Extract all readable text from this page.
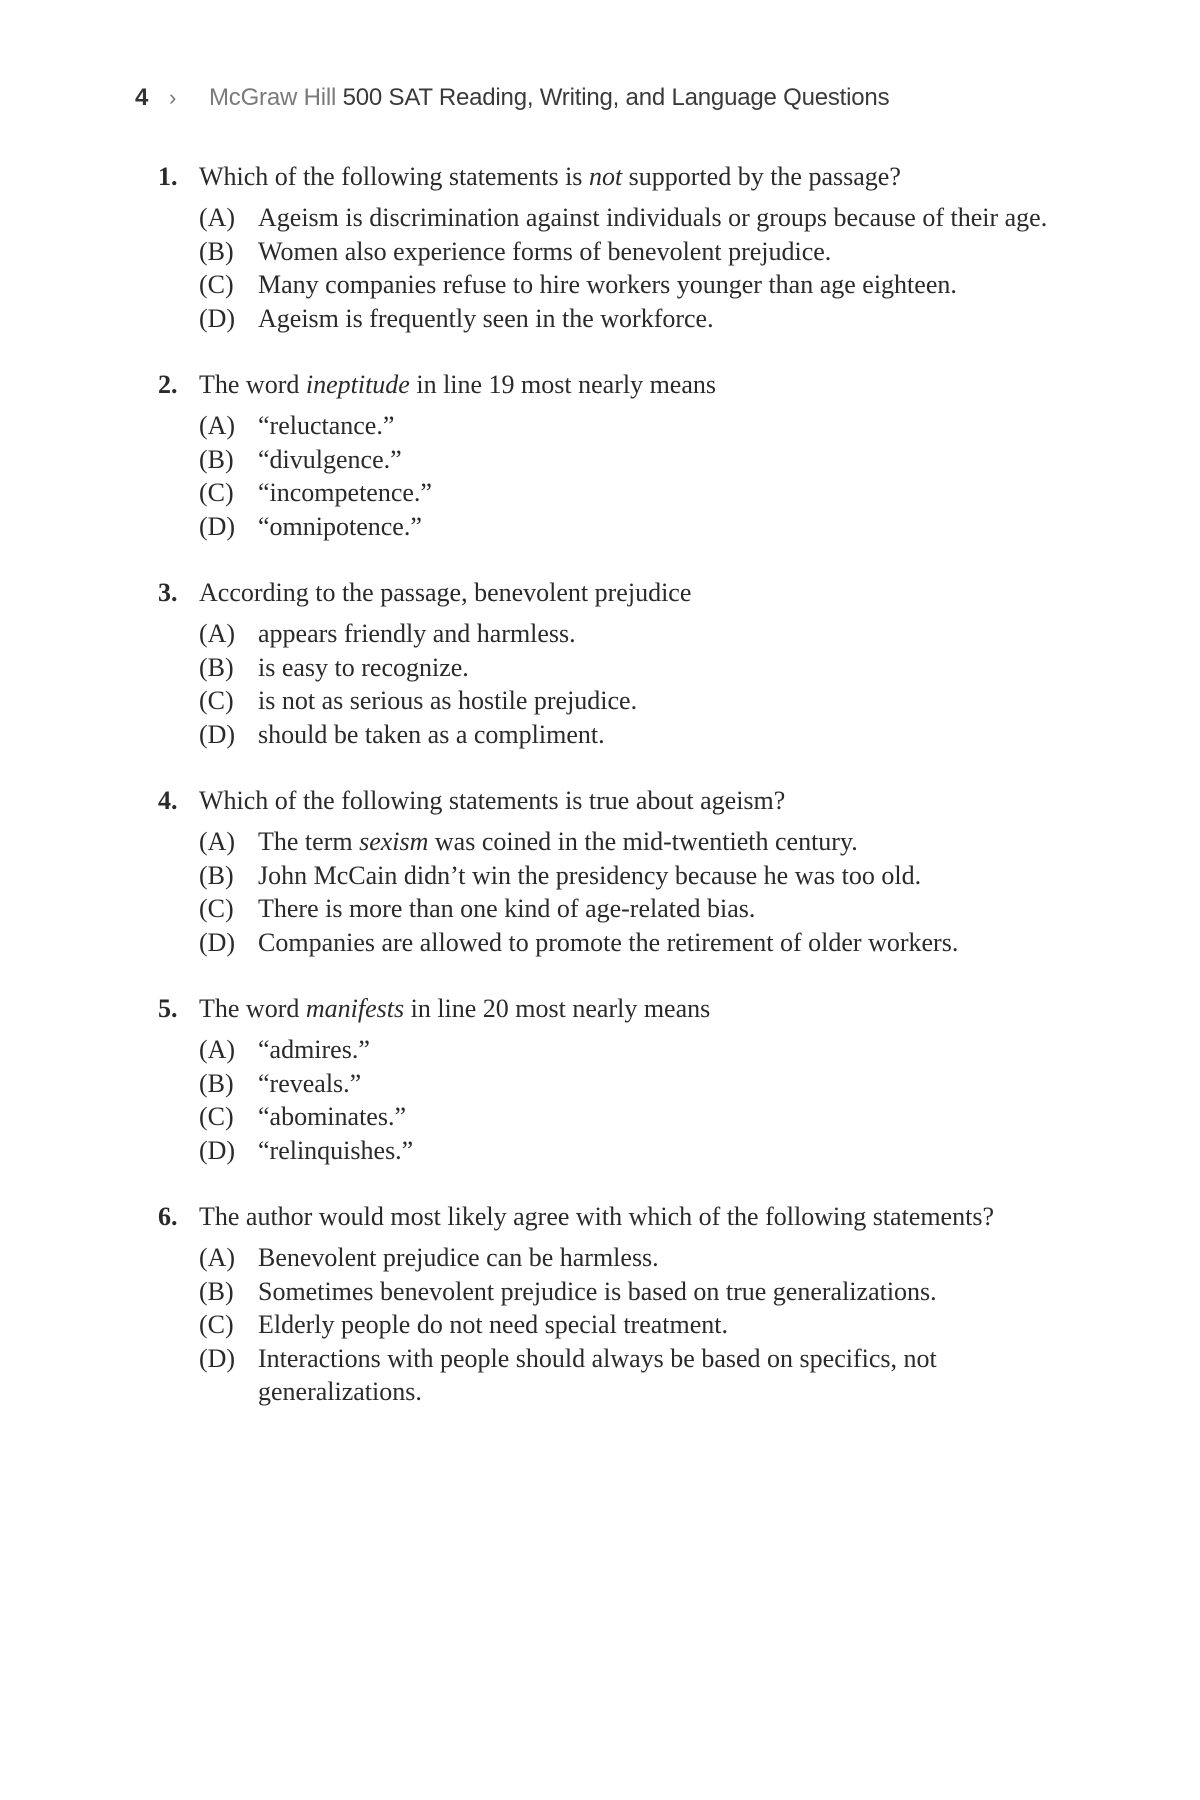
4 › McGraw Hill 500 SAT Reading, Writing, and Language Questions
1. Which of the following statements is not supported by the passage?
(A) Ageism is discrimination against individuals or groups because of their age.
(B) Women also experience forms of benevolent prejudice.
(C) Many companies refuse to hire workers younger than age eighteen.
(D) Ageism is frequently seen in the workforce.
2. The word ineptitude in line 19 most nearly means
(A) “reluctance.”
(B) “divulgence.”
(C) “incompetence.”
(D) “omnipotence.”
3. According to the passage, benevolent prejudice
(A) appears friendly and harmless.
(B) is easy to recognize.
(C) is not as serious as hostile prejudice.
(D) should be taken as a compliment.
4. Which of the following statements is true about ageism?
(A) The term sexism was coined in the mid-twentieth century.
(B) John McCain didn’t win the presidency because he was too old.
(C) There is more than one kind of age-related bias.
(D) Companies are allowed to promote the retirement of older workers.
5. The word manifests in line 20 most nearly means
(A) “admires.”
(B) “reveals.”
(C) “abominates.”
(D) “relinquishes.”
6. The author would most likely agree with which of the following statements?
(A) Benevolent prejudice can be harmless.
(B) Sometimes benevolent prejudice is based on true generalizations.
(C) Elderly people do not need special treatment.
(D) Interactions with people should always be based on specifics, not generalizations.
